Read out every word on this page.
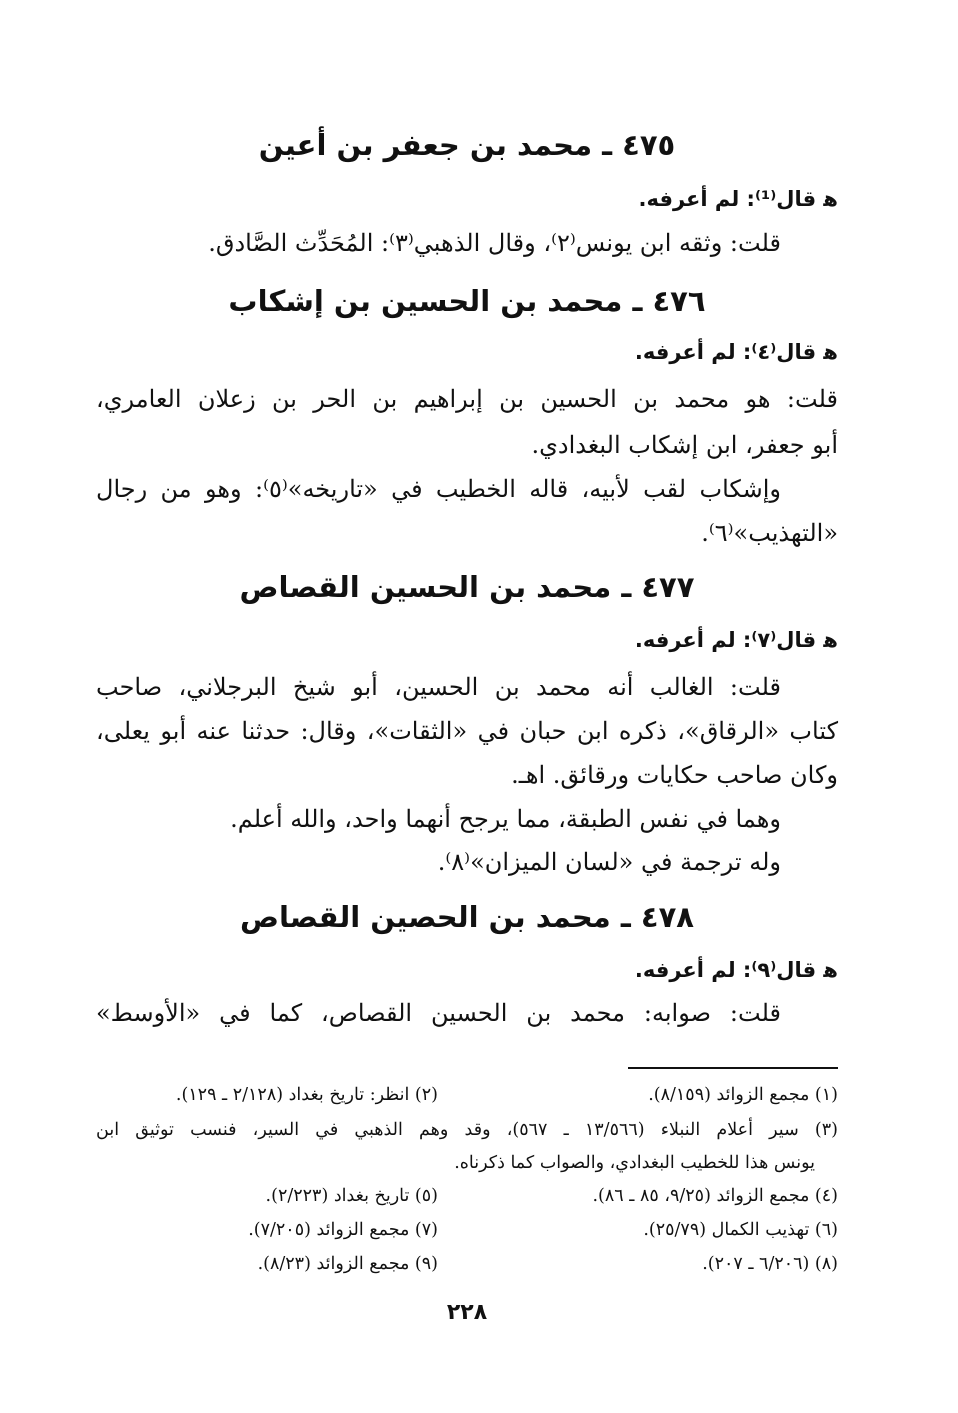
٤٧٥ ـ محمد بن جعفر بن أعين

ﻫ قال⁽¹⁾: لم أعرفه.

قلت: وثقه ابن يونس⁽٢⁾، وقال الذهبي⁽٣⁾: المُحَدِّث الصَّادق.

٤٧٦ ـ محمد بن الحسين بن إشكاب

ﻫ قال⁽٤⁾: لم أعرفه.

قلت: هو محمد بن الحسين بن إبراهيم بن الحر بن زعلان العامري،

أبو جعفر، ابن إشكاب البغدادي.

وإشكاب لقب لأبيه، قاله الخطيب في «تاريخه»⁽٥⁾: وهو من رجال

«التهذيب»⁽٦⁾.

٤٧٧ ـ محمد بن الحسين القصاص

ﻫ قال⁽٧⁾: لم أعرفه.

قلت: الغالب أنه محمد بن الحسين، أبو شيخ البرجلاني، صاحب

كتاب «الرقاق»، ذكره ابن حبان في «الثقات»، وقال: حدثنا عنه أبو يعلى،

وكان صاحب حكايات ورقائق. اهـ.

وهما في نفس الطبقة، مما يرجح أنهما واحد، والله أعلم.

وله ترجمة في «لسان الميزان»⁽٨⁾.

٤٧٨ ـ محمد بن الحصين القصاص

ﻫ قال⁽٩⁾: لم أعرفه.

قلت: صوابه: محمد بن الحسين القصاص، كما في «الأوسط»

(١) مجمع الزوائد (٨/١٥٩).

(٢) انظر: تاريخ بغداد (٢/١٢٨ ـ ١٢٩).

(٣) سير أعلام النبلاء (١٣/٥٦٦ ـ ٥٦٧)، وقد وهم الذهبي في السير، فنسب توثيق ابن

يونس هذا للخطيب البغدادي، والصواب كما ذكرناه.

(٤) مجمع الزوائد (٩/٢٥، ٨٥ ـ ٨٦).

(٥) تاريخ بغداد (٢/٢٢٣).

(٦) تهذيب الكمال (٢٥/٧٩).

(٧) مجمع الزوائد (٧/٢٠٥).

(٨) (٦/٢٠٦ ـ ٢٠٧).

(٩) مجمع الزوائد (٨/٢٣).

٢٢٨
